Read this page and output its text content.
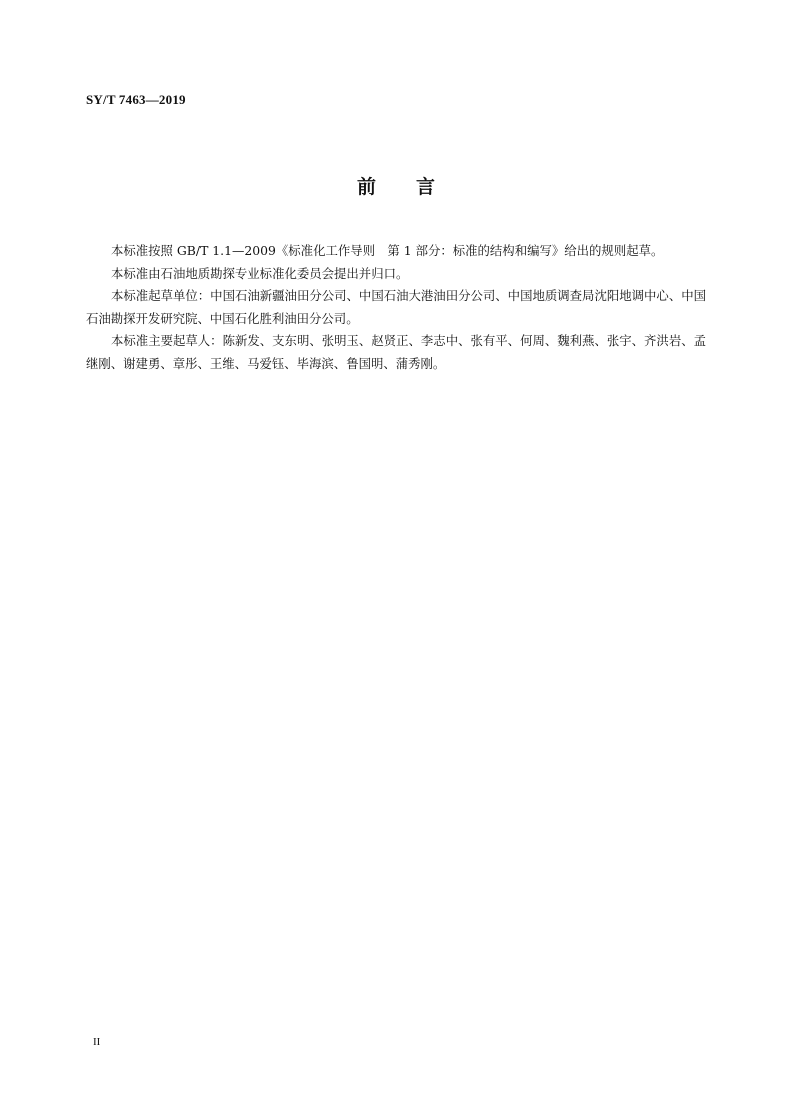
SY/T 7463—2019
前 言

本标准按照 GB/T 1.1—2009《标准化工作导则　第 1 部分：标准的结构和编写》给出的规则起草。

本标准由石油地质勘探专业标准化委员会提出并归口。

本标准起草单位：中国石油新疆油田分公司、中国石油大港油田分公司、中国地质调查局沈阳地调中心、中国石油勘探开发研究院、中国石化胜利油田分公司。

本标准主要起草人：陈新发、支东明、张明玉、赵贤正、李志中、张有平、何周、魏利燕、张宇、齐洪岩、孟继刚、谢建勇、章彤、王维、马爱钰、毕海滨、鲁国明、蒲秀刚。

II
